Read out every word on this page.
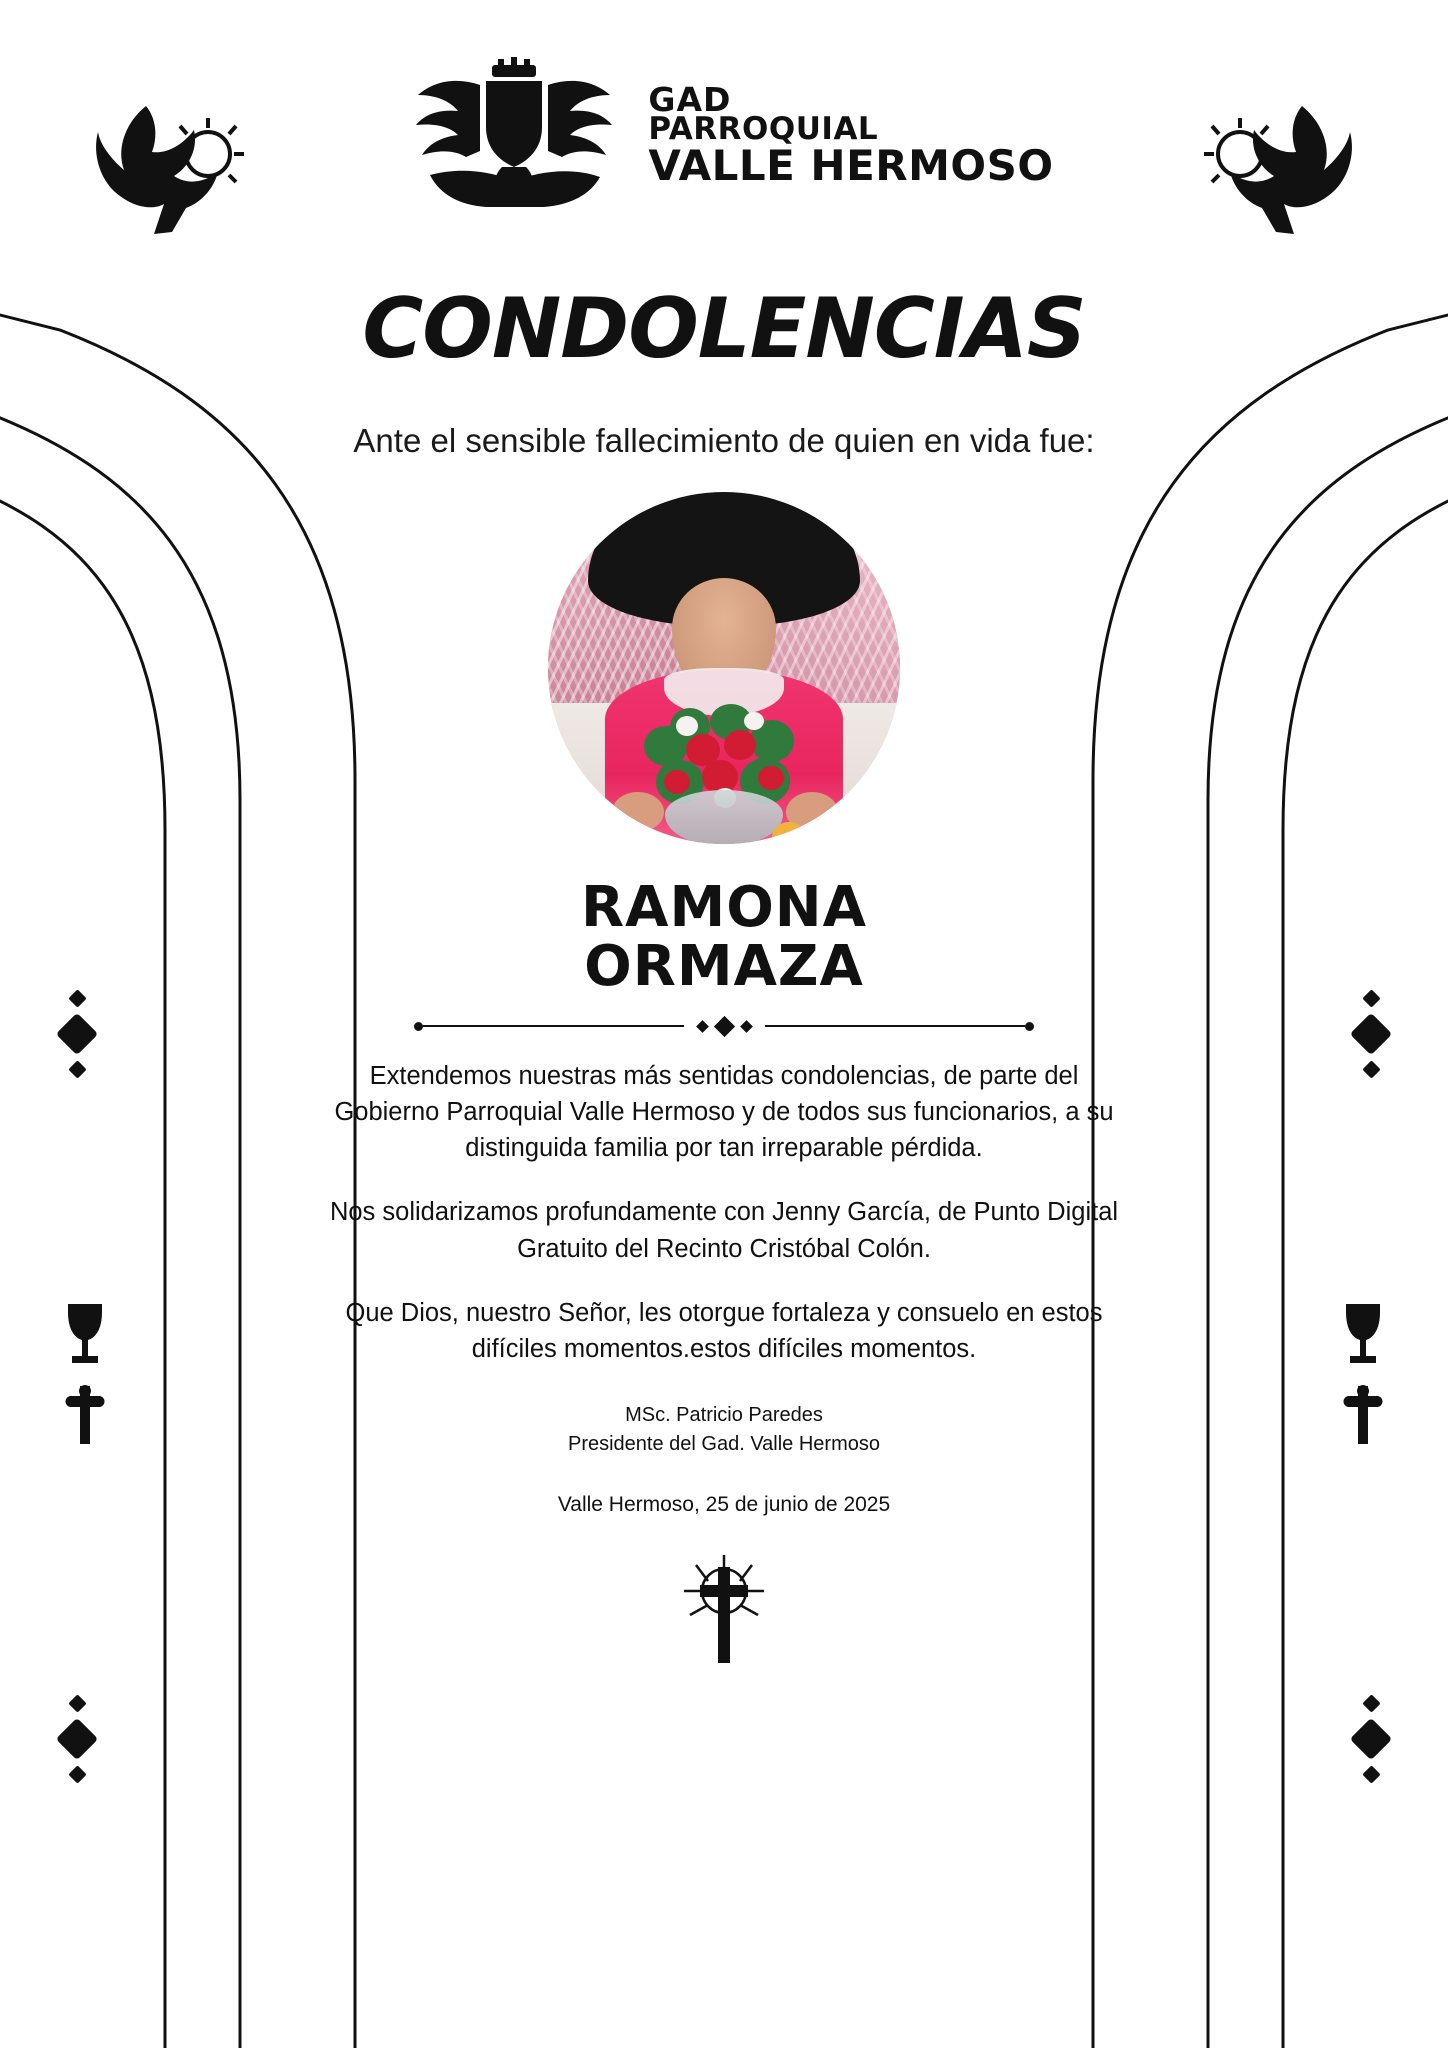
GAD
PARROQUIAL
VALLE HERMOSO
CONDOLENCIAS

Ante el sensible fallecimiento de quien en vida fue:

RAMONA
ORMAZA

Extendemos nuestras más sentidas condolencias, de parte del Gobierno Parroquial Valle Hermoso y de todos sus funcionarios, a su distinguida familia por tan irreparable pérdida.

Nos solidarizamos profundamente con Jenny García, de Punto Digital Gratuito del Recinto Cristóbal Colón.

Que Dios, nuestro Señor, les otorgue fortaleza y consuelo en estos difíciles momentos.estos difíciles momentos.

MSc. Patricio Paredes
Presidente del Gad. Valle Hermoso
Valle Hermoso, 25 de junio de 2025
